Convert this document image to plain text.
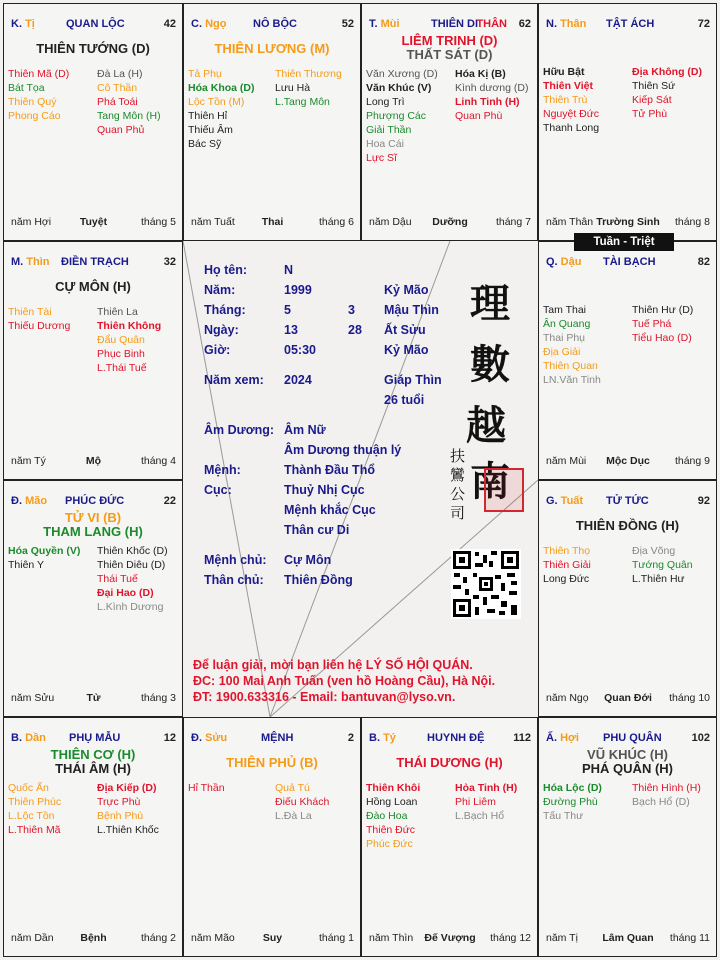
K. Tị	QUAN LỘC	42
THIÊN TƯỚNG (D)
Thiên Mã (D)
Bát Tọa
Thiên Quý
Phong Cáo
Đà La (H)
Cô Thần
Phá Toái
Tang Môn (H)
Quan Phủ
năm Hợi	Tuyệt	tháng 5
C. Ngọ NÔ BỘC	52
THIÊN LƯƠNG (M)
Tả Phụ
Hóa Khoa (D)
Lộc Tồn (M)
Thiên Hỉ
Thiếu Âm
Bác Sỹ
Thiên Thương
Lưu Hà
L.Tang Môn
năm Tuất	Thai	tháng 6
T. Mùi	THIÊN DI
THÂN 62
LIÊM TRINH (D)
THẤT SÁT (D)
Văn Xương (D)
Văn Khúc (V)
Long Trì
Phượng Các
Giải Thần
Hoa Cái
Lực Sĩ
Hóa Kị (B)
Kình dương (D)
Linh Tinh (H)
Quan Phù
năm Dậu	Dưỡng	tháng 7
N. Thân TẬT ÁCH	72
Hữu Bật
Thiên Việt
Thiên Trù
Nguyệt Đức
Thanh Long
Địa Không (D)
Thiên Sứ
Kiếp Sát
Tử Phù
năm Thân Trường Sinh	tháng 8
M. Thìn ĐIỀN TRẠCH	32
CỰ MÔN (H)
Thiên Tài
Thiếu Dương
Thiên La
Thiên Không
Đẩu Quân
Phục Binh
L.Thái Tuế
năm Tý	Mộ	tháng 4
Q. Dậu TÀI BẠCH	82
Tam Thai
Ân Quang
Thai Phụ
Địa Giải
Thiên Quan
LN.Văn Tinh
Thiên Hư (D)
Tuế Phá
Tiểu Hao (D)
năm Mùi	Mộc Dục	tháng 9
Đ. Mão PHÚC ĐỨC	22
TỬ VI (B)
THAM LANG (H)
Hóa Quyền (V)
Thiên Y
Thiên Khốc (D)
Thiên Diêu (D)
Thái Tuế
Đại Hao (D)
L.Kình Dương
năm Sửu	Tử	tháng 3
G. Tuất TỬ TỨC	92
THIÊN ĐỒNG (H)
Thiên Thọ
Thiên Giải
Long Đức
Địa Võng
Tướng Quân
L.Thiên Hư
năm Ngọ	Quan Đới	tháng 10
B. Dần PHỤ MẪU	12
THIÊN CƠ (H)
THÁI ÂM (H)
Quốc Ấn
Thiên Phúc
L.Lộc Tồn
L.Thiên Mã
Địa Kiếp (D)
Trực Phù
Bệnh Phù
L.Thiên Khốc
năm Dần	Bệnh	tháng 2
Đ. Sửu	MỆNH	2
THIÊN PHỦ (B)
Hỉ Thần	Quả Tú
Điếu Khách
L.Đà La
năm Mão	Suy	tháng 1
B. Tý	HUYNH ĐỆ	112
THÁI DƯƠNG (H)
Thiên Khôi
Hồng Loan
Đào Hoa
Thiên Đức
Phúc Đức
Hỏa Tinh (H)
Phi Liêm
L.Bạch Hổ
năm Thìn	Đế Vượng	tháng 12
Ấ. Hợi PHU QUÂN	102
VŨ KHÚC (H)
PHÁ QUÂN (H)
Hóa Lộc (D)
Đường Phù
Tấu Thư
Thiên Hình (H)
Bạch Hổ (D)
năm Tị	Lâm Quan	tháng 11
Tuần - Triệt
Họ tên:	N
Năm:	1999	Kỷ Mão
Tháng:	5	3 Mậu Thìn
Ngày:	13	28 Ất Sửu
Giờ:	05:30	Kỷ Mão
Năm xem: 2024	Giáp Thìn
26 tuổi
Âm Dương: Âm Nữ
Âm Dương thuận lý
Mệnh:	Thành Đầu Thổ
Cục:	Thuỷ Nhị Cục
Mệnh khắc Cục
Thân cư Di
Mệnh chủ: Cự Môn
Thân chủ: Thiên Đồng
理
數
越
南
扶
鸞
公
司
Để luận giải, mời bạn liên hệ LÝ SỐ HỘI QUÁN.
ĐC: 100 Mai Anh Tuấn (ven hồ Hoàng Cầu), Hà Nội.
ĐT: 1900.633316 - Email: bantuvan@lyso.vn.
